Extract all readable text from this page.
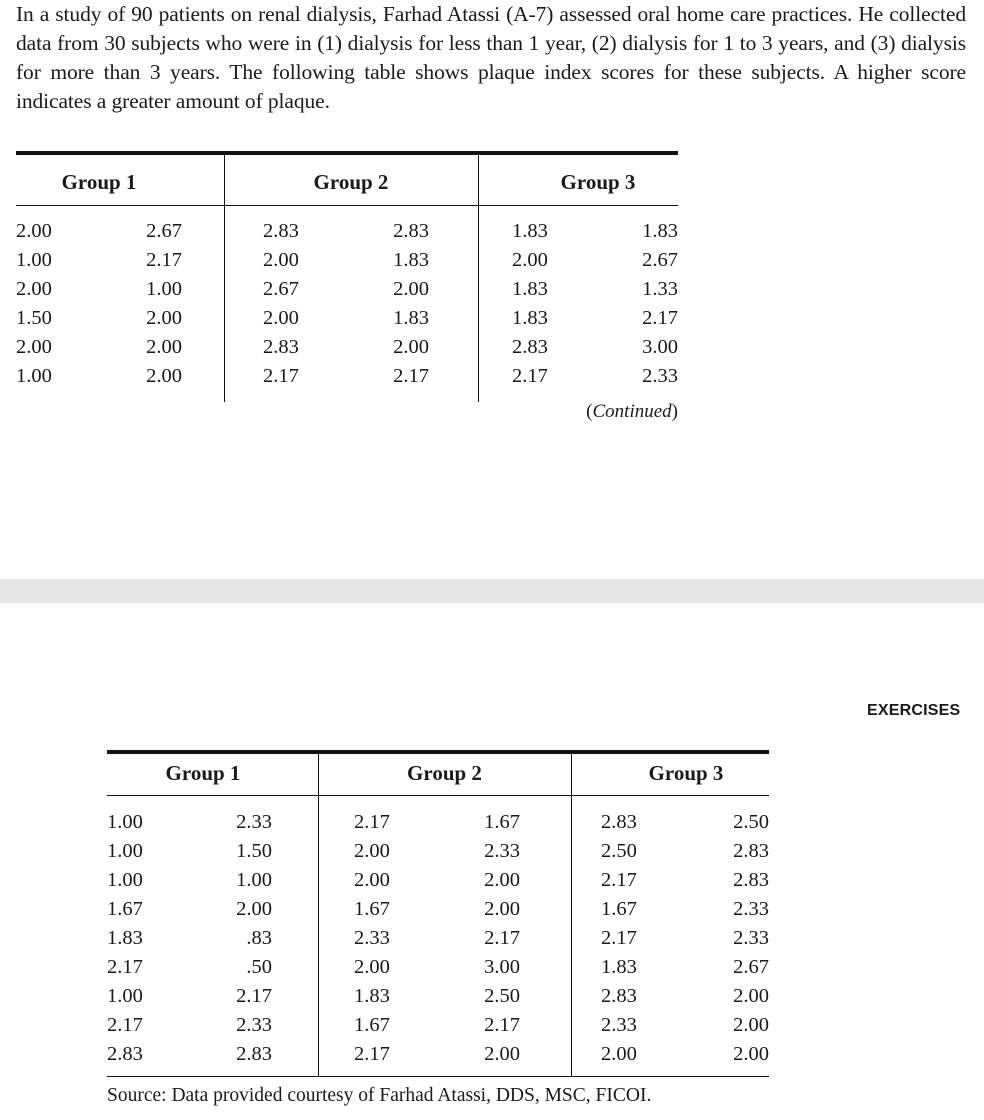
In a study of 90 patients on renal dialysis, Farhad Atassi (A-7) assessed oral home care practices. He collected data from 30 subjects who were in (1) dialysis for less than 1 year, (2) dialysis for 1 to 3 years, and (3) dialysis for more than 3 years. The following table shows plaque index scores for these subjects. A higher score indicates a greater amount of plaque.

Group 1	Group 2	Group 3
2.00	2.67	2.83	2.83	1.83	1.83
1.00	2.17	2.00	1.83	2.00	2.67
2.00	1.00	2.67	2.00	1.83	1.33
1.50	2.00	2.00	1.83	1.83	2.17
2.00	2.00	2.83	2.00	2.83	3.00
1.00	2.00	2.17	2.17	2.17	2.33
(Continued)
EXERCISES
Group 1	Group 2	Group 3
1.00	2.33	2.17	1.67	2.83	2.50
1.00	1.50	2.00	2.33	2.50	2.83
1.00	1.00	2.00	2.00	2.17	2.83
1.67	2.00	1.67	2.00	1.67	2.33
1.83	.83	2.33	2.17	2.17	2.33
2.17	.50	2.00	3.00	1.83	2.67
1.00	2.17	1.83	2.50	2.83	2.00
2.17	2.33	1.67	2.17	2.33	2.00
2.83	2.83	2.17	2.00	2.00	2.00
Source: Data provided courtesy of Farhad Atassi, DDS, MSC, FICOI.
